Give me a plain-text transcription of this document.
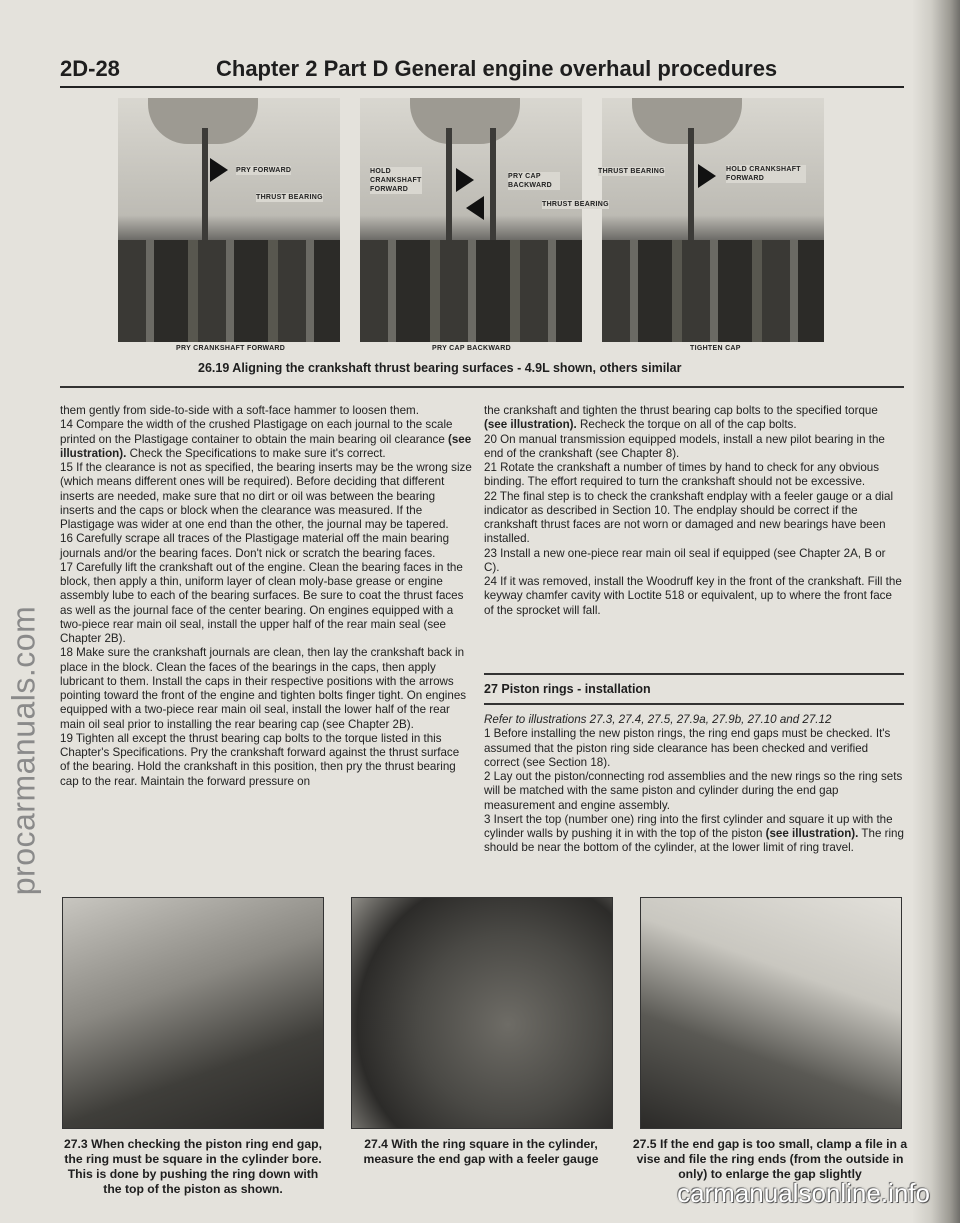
procarmanuals.com
2D-28	Chapter 2 Part D General engine overhaul procedures
PRY FORWARD
THRUST BEARING
HOLD CRANKSHAFT FORWARD
PRY CAP BACKWARD
THRUST BEARING
THRUST BEARING	HOLD CRANKSHAFT FORWARD
PRY CRANKSHAFT FORWARD	PRY CAP BACKWARD	TIGHTEN CAP
26.19 Aligning the crankshaft thrust bearing surfaces - 4.9L shown, others similar

them gently from side-to-side with a soft-face hammer to loosen them.

14 Compare the width of the crushed Plastigage on each journal to the scale printed on the Plastigage container to obtain the main bearing oil clearance (see illustration). Check the Specifications to make sure it's correct.

15 If the clearance is not as specified, the bearing inserts may be the wrong size (which means different ones will be required). Before deciding that different inserts are needed, make sure that no dirt or oil was between the bearing inserts and the caps or block when the clearance was measured. If the Plastigage was wider at one end than the other, the journal may be tapered.

16 Carefully scrape all traces of the Plastigage material off the main bearing journals and/or the bearing faces. Don't nick or scratch the bearing faces.

17 Carefully lift the crankshaft out of the engine. Clean the bearing faces in the block, then apply a thin, uniform layer of clean moly-base grease or engine assembly lube to each of the bearing surfaces. Be sure to coat the thrust faces as well as the journal face of the center bearing. On engines equipped with a two-piece rear main oil seal, install the upper half of the rear main seal (see Chapter 2B).

18 Make sure the crankshaft journals are clean, then lay the crankshaft back in place in the block. Clean the faces of the bearings in the caps, then apply lubricant to them. Install the caps in their respective positions with the arrows pointing toward the front of the engine and tighten bolts finger tight. On engines equipped with a two-piece rear main oil seal, install the lower half of the rear main oil seal prior to installing the rear bearing cap (see Chapter 2B).

19 Tighten all except the thrust bearing cap bolts to the torque listed in this Chapter's Specifications. Pry the crankshaft forward against the thrust surface of the bearing. Hold the crankshaft in this position, then pry the thrust bearing cap to the rear. Maintain the forward pressure on

the crankshaft and tighten the thrust bearing cap bolts to the specified torque (see illustration). Recheck the torque on all of the cap bolts.

20 On manual transmission equipped models, install a new pilot bearing in the end of the crankshaft (see Chapter 8).

21 Rotate the crankshaft a number of times by hand to check for any obvious binding. The effort required to turn the crankshaft should not be excessive.

22 The final step is to check the crankshaft endplay with a feeler gauge or a dial indicator as described in Section 10. The endplay should be correct if the crankshaft thrust faces are not worn or damaged and new bearings have been installed.

23 Install a new one-piece rear main oil seal if equipped (see Chapter 2A, B or C).

24 If it was removed, install the Woodruff key in the front of the crankshaft. Fill the keyway chamfer cavity with Loctite 518 or equivalent, up to where the front face of the sprocket will fall.

27 Piston rings - installation

Refer to illustrations 27.3, 27.4, 27.5, 27.9a, 27.9b, 27.10 and 27.12

1 Before installing the new piston rings, the ring end gaps must be checked. It's assumed that the piston ring side clearance has been checked and verified correct (see Section 18).

2 Lay out the piston/connecting rod assemblies and the new rings so the ring sets will be matched with the same piston and cylinder during the end gap measurement and engine assembly.

3 Insert the top (number one) ring into the first cylinder and square it up with the cylinder walls by pushing it in with the top of the piston (see illustration). The ring should be near the bottom of the cylinder, at the lower limit of ring travel.

27.3 When checking the piston ring end gap, the ring must be square in the cylinder bore. This is done by pushing the ring down with the top of the piston as shown.
27.4 With the ring square in the cylinder, measure the end gap with a feeler gauge
27.5 If the end gap is too small, clamp a file in a vise and file the ring ends (from the outside in only) to enlarge the gap slightly
carmanualsonline.info
